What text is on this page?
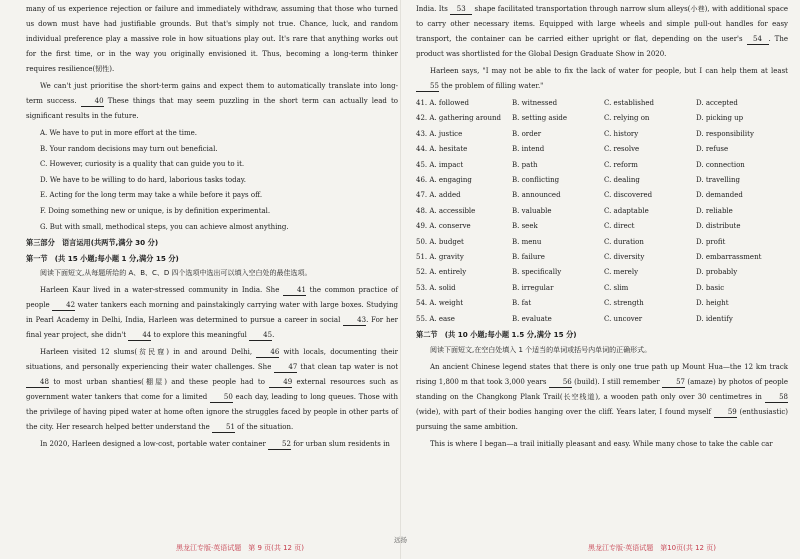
many of us experience rejection or failure and immediately withdraw, assuming that those who turned us down must have had justifiable grounds. But that's simply not true. Chance, luck, and random individual preference play a massive role in how situations play out. It's rare that anything works out for the first time, or in the way you originally envisioned it. Thus, becoming a long-term thinker requires resilience(韧性).

We can't just prioritise the short-term gains and expect them to automatically translate into long-term success.	40 These things that may seem puzzling in the short term can actually lead to significant results in the future.

A. We have to put in more effort at the time.

B. Your random decisions may turn out beneficial.

C. However, curiosity is a quality that can guide you to it.

D. We have to be willing to do hard, laborious tasks today.

E. Acting for the long term may take a while before it pays off.

F. Doing something new or unique, is by definition experimental.

G. But with small, methodical steps, you can achieve almost anything.

第三部分　语言运用(共两节,满分 30 分)

第一节　(共 15 小题;每小题 1 分,满分 15 分)

阅读下面短文,从每题所给的 A、B、C、D 四个选项中选出可以填入空白处的最佳选项。

Harleen Kaur lived in a water-stressed community in India. She	41 the common practice of people 42 water tankers each morning and painstakingly carrying water with large boxes. Studying in Pearl Academy in Delhi, India, Harleen was determined to pursue a career in social 43. For her final year project, she didn't 44 to explore this meaningful 45.

Harleen visited 12 slums(贫民窟) in and around Delhi,	46 with locals, documenting their situations, and personally experiencing their water challenges. She 47 that clean tap water is not 48 to most urban shanties(棚屋) and these people had to	49 external resources such as government water tankers that come for a limited 50 each day, leading to long queues. Those with the privilege of having piped water at home often ignore the struggles faced by people in other parts of the city. Her research helped better understand the 51 of the situation.

In 2020, Harleen designed a low-cost, portable water container 52 for urban slum residents in

India. Its 53 shape facilitated transportation through narrow slum alleys(小巷), with additional space to carry other necessary items. Equipped with large wheels and simple pull-out handles for easy transport, the container can be carried either upright or flat, depending on the user's 54 . The product was shortlisted for the Global Design Graduate Show in 2020.

Harleen says, "I may not be able to fix the lack of water for people, but I can help them at least 55 the problem of filling water."

41. A. followed	B. witnessed	C. established	D. accepted
42. A. gathering around	B. setting aside	C. relying on	D. picking up
43. A. justice	B. order	C. history	D. responsibility
44. A. hesitate	B. intend	C. resolve	D. refuse
45. A. impact	B. path	C. reform	D. connection
46. A. engaging	B. conflicting	C. dealing	D. travelling
47. A. added	B. announced	C. discovered	D. demanded
48. A. accessible	B. valuable	C. adaptable	D. reliable
49. A. conserve	B. seek	C. direct	D. distribute
50. A. budget	B. menu	C. duration	D. profit
51. A. gravity	B. failure	C. diversity	D. embarrassment
52. A. entirely	B. specifically	C. merely	D. probably
53. A. solid	B. irregular	C. slim	D. basic
54. A. weight	B. fat	C. strength	D. height
55. A. ease	B. evaluate	C. uncover	D. identify

第二节　(共 10 小题;每小题 1.5 分,满分 15 分)

阅读下面短文,在空白处填入 1 个适当的单词或括号内单词的正确形式。

An ancient Chinese legend states that there is only one true path up Mount Hua—the 12 km track rising 1,800 m that took 3,000 years 56 (build). I still remember 57 (amaze) by photos of people standing on the Changkong Plank Trail(长空栈道), a wooden path only over 30 centimetres in 58 (wide), with part of their bodies hanging over the cliff. Years later, I found myself 59 (enthusiastic) pursuing the same ambition.

This is where I began—a trail initially pleasant and easy. While many chose to take the cable car

黑龙江专版·英语试题　第 9 页(共 12 页)
远扬
黑龙江专版·英语试题　第10页(共 12 页)
